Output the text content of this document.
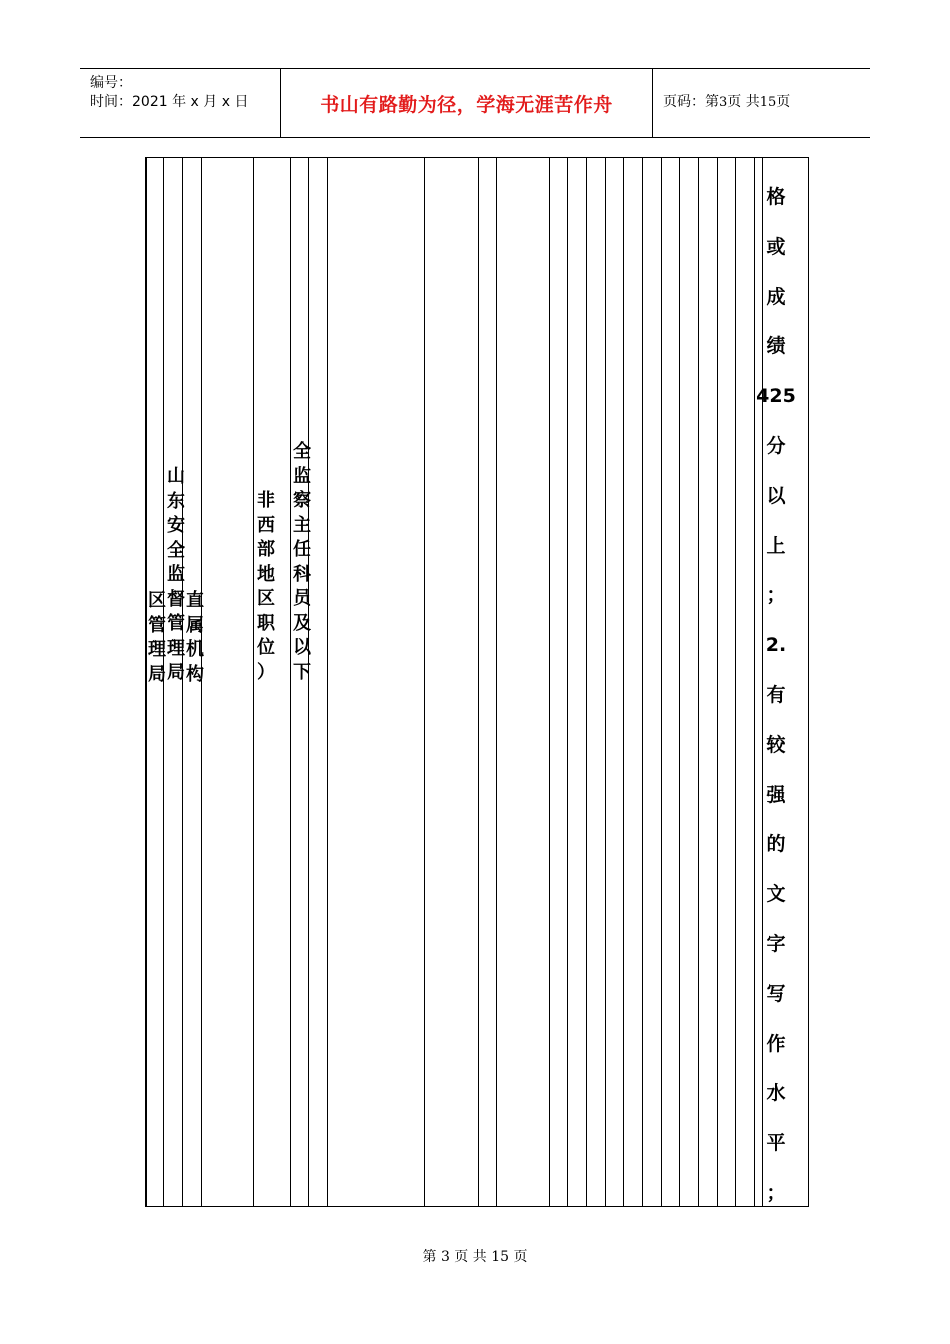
编号：
时间：2021 年 x 月 x 日	书山有路勤为径，学海无涯苦作舟	页码：第3页 共15页
区
管
理
局
山
东
安
全
监
督
管
理
局
直
属
机
构
非
西
部
地
区
职
位
）
全
监
察
主
任
科
员
及
以
下
格
或
成
绩
425
分
以
上
；
2.
有
较
强
的
文
字
写
作
水
平
；
第 3 页 共 15 页
